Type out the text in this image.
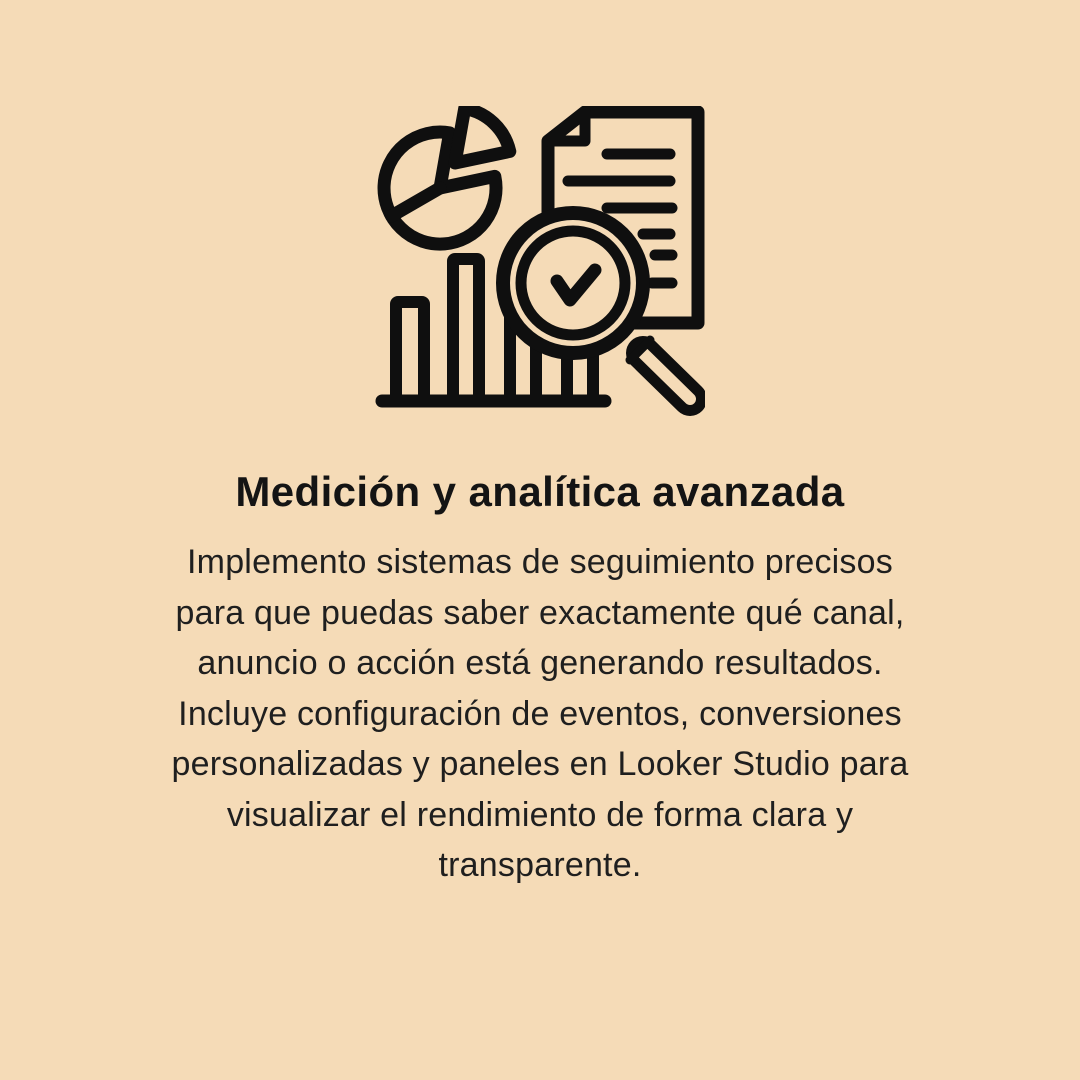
Medición y analítica avanzada
Implemento sistemas de seguimiento precisos
para que puedas saber exactamente qué canal,
anuncio o acción está generando resultados.
Incluye configuración de eventos, conversiones
personalizadas y paneles en Looker Studio para
visualizar el rendimiento de forma clara y
transparente.
